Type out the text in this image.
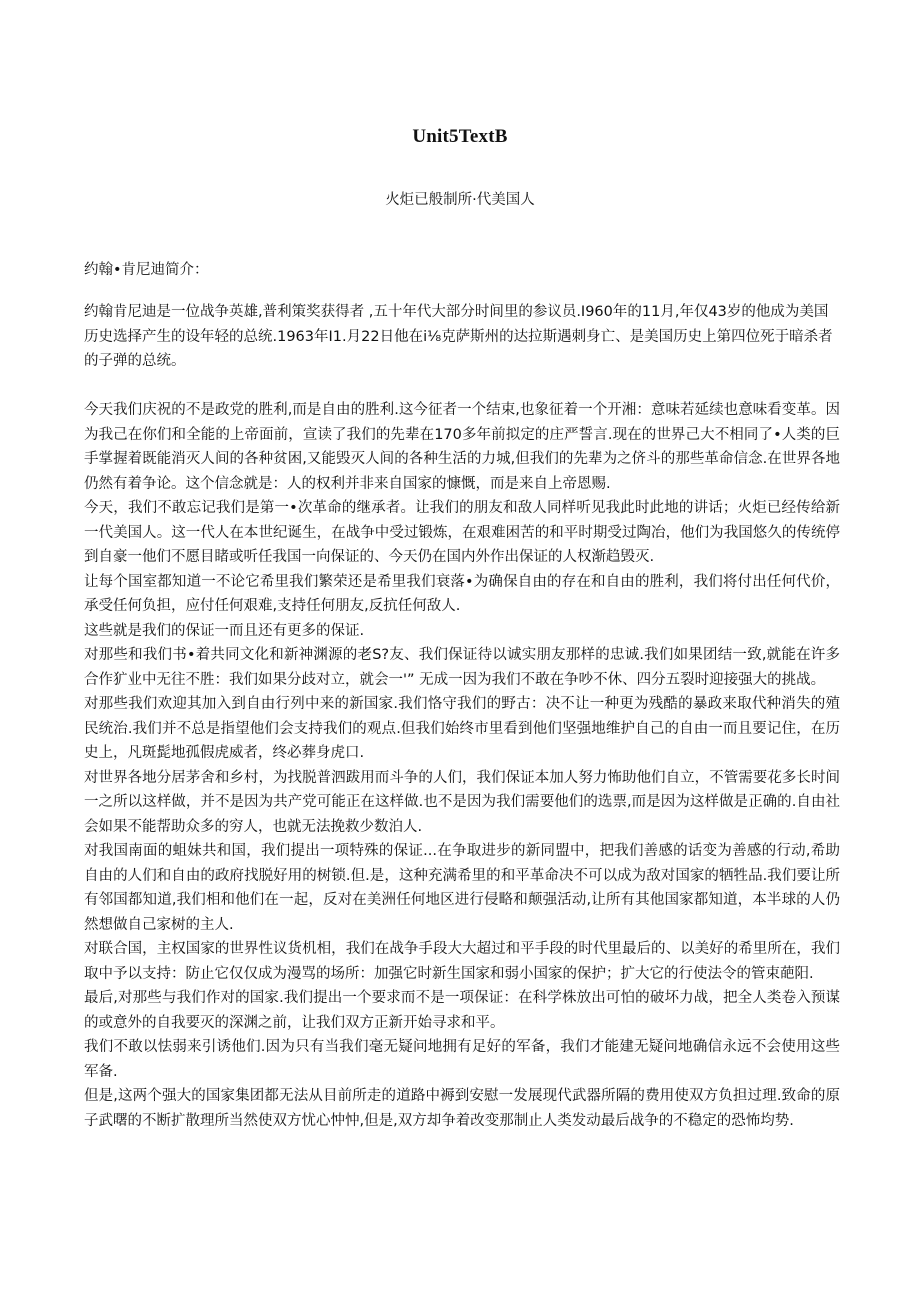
Unit5TextB
火炬已般制所·代美国人
约翰•肯尼迪简介：

约翰肯尼迪是一位战争英雄,普利策奖获得者 ,五十年代大部分时间里的参议员.I960年的11月,年仅43岁的他成为美国历史选择产生的设年轻的总统.1963年I1.月22日他在i⅛克萨斯州的达拉斯遇刺身亡、是美国历史上第四位死于暗杀者的子弹的总统。

今天我们庆祝的不是政党的胜利,而是自由的胜利.这今征者一个结束,也象征着一个开湘：意味若延续也意味看变革。因为我己在你们和全能的上帝面前，宣读了我们的先辈在170多年前拟定的庄严誓言.现在的世界己大不相同了•人类的巨手掌握着既能消灭人间的各种贫困,又能毁灭人间的各种生活的力城,但我们的先辈为之侪斗的那些革命信念.在世界各地仍然有着争论。这个信念就是：人的权利并非来自国家的慷慨，而是来自上帝恩赐.

今天，我们不敢忘记我们是第一•次革命的继承者。让我们的朋友和敌人同样听见我此时此地的讲话；火炬已经传给新一代美国人。这一代人在本世纪诞生，在战争中受过锻炼，在艰难困苦的和平时期受过陶冶，他们为我国悠久的传统停到自豪一他们不愿目睹或听任我国一向保证的、今天仍在国内外作出保证的人权渐趋毁灭.

让每个国室都知道一不论它希里我们繁荣还是希里我们衰落•为确保自由的存在和自由的胜利，我们将付出任何代价，承受任何负担，应付任何艰难,支持任何朋友,反抗任何敌人.

这些就是我们的保证一而且还有更多的保证.

对那些和我们书•着共同文化和新神渊源的老S?友、我们保证待以诚实朋友那样的忠诚.我们如果团结一致,就能在许多合作犷业中无往不胜：我们如果分歧对立，就会一'” 无成一因为我们不敢在争吵不休、四分五裂时迎接强大的挑战。

对那些我们欢迎其加入到自由行列中来的新国家.我们恪守我们的野古：决不让一种更为残酷的暴政来取代种消失的殖民统治.我们并不总是指望他们会支持我们的观点.但我们始终市里看到他们坚强地维护自己的自由一而且要记住，在历史上，凡斑髭地孤假虎威者，终必葬身虎口.

对世界各地分居茅舍和乡村，为找脱普泗跋用而斗争的人们，我们保证本加人努力怖助他们自立，不管需要花多长时间一之所以这样做，并不是因为共产党可能正在这样做.也不是因为我们需要他们的选票,而是因为这样做是正确的.自由社会如果不能帮助众多的穷人，也就无法挽救少数泊人.

对我国南面的蛆妹共和国，我们提出一项特殊的保证...在争取进步的新同盟中，把我们善感的话变为善感的行动,希助自由的人们和自由的政府找脱好用的树锁.但.是，这种充满希里的和平革命决不可以成为敌对国家的牺牲品.我们要让所有邻国都知道,我们相和他们在一起，反对在美洲任何地区进行侵略和颠强活动,让所有其他国家都知道，本半球的人仍然想做自己家树的主人.

对联合国，主权国家的世界性议货机相，我们在战争手段大大超过和平手段的时代里最后的、以美好的希里所在，我们取中予以支持：防止它仅仅成为漫骂的场所：加强它时新生国家和弱小国家的保护；扩大它的行使法令的管束葩阳.

最后,对那些与我们作对的国家.我们提出一个要求而不是一项保证：在科学株放出可怕的破坏力战，把全人类卷入预谋的或意外的自我要灭的深渊之前，让我们双方正新开始寻求和平。

我们不敢以怯弱来引诱他们.因为只有当我们毫无疑问地拥有足好的军备，我们才能建无疑问地确信永远不会使用这些军备.

但是,这两个强大的国家集团都无法从目前所走的道路中褥到安慰一发展现代武器所隔的费用使双方负担过理.致命的原子武曙的不断扩散理所当然使双方忧心忡忡,但是,双方却争着改变那制止人类发动最后战争的不稳定的恐怖均势.
